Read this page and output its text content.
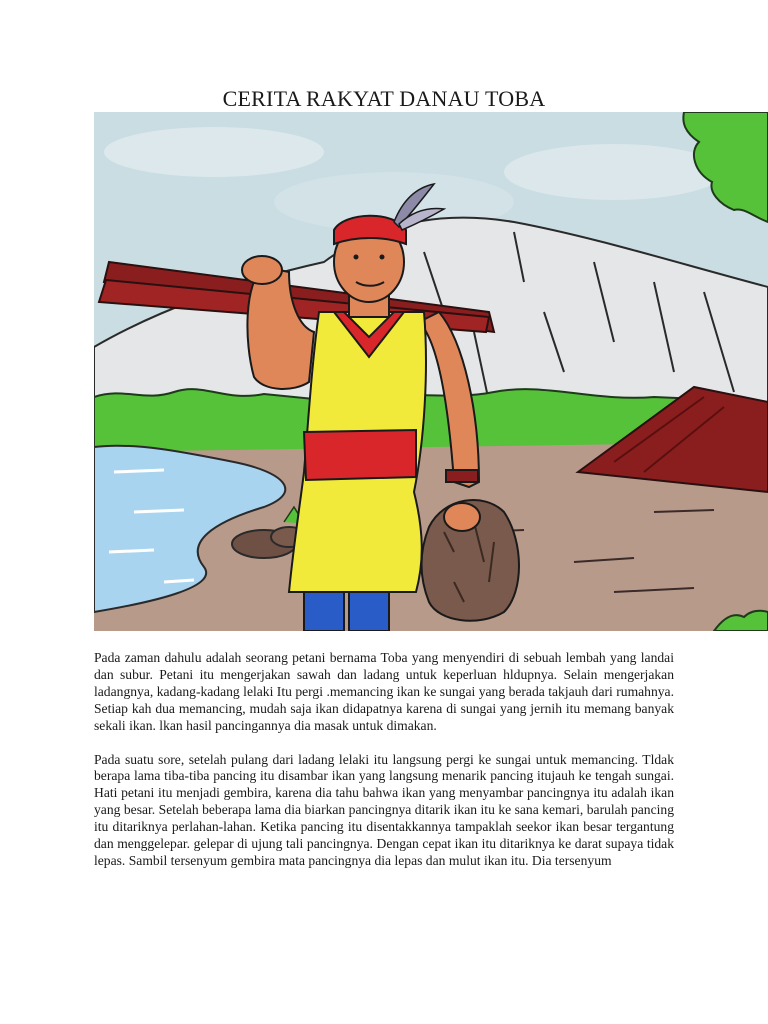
CERITA RAKYAT DANAU TOBA

Pada zaman dahulu adalah seorang petani bernama Toba yang menyendiri di sebuah lembah yang landai dan subur. Petani itu mengerjakan sawah dan ladang untuk keperluan hldupnya. Selain mengerjakan ladangnya, kadang-kadang lelaki Itu pergi .memancing ikan ke sungai yang berada takjauh dari rumahnya. Setiap kah dua memancing, mudah saja ikan didapatnya karena di sungai yang jernih itu memang banyak sekali ikan. lkan hasil pancingannya dia masak untuk dimakan.

Pada suatu sore, setelah pulang dari ladang lelaki itu langsung pergi ke sungai untuk memancing. Tldak berapa lama tiba-tiba pancing itu disambar ikan yang langsung menarik pancing itujauh ke tengah sungai. Hati petani itu menjadi gembira, karena dia tahu bahwa ikan yang menyambar pancingnya itu adalah ikan yang besar. Setelah beberapa lama dia biarkan pancingnya ditarik ikan itu ke sana kemari, barulah pancing itu ditariknya perlahan-lahan. Ketika pancing itu disentakkannya tampaklah seekor ikan besar tergantung dan menggelepar. gelepar di ujung tali pancingnya. Dengan cepat ikan itu ditariknya ke darat supaya tidak lepas. Sambil tersenyum gembira mata pancingnya dia lepas dan mulut ikan itu. Dia tersenyum
